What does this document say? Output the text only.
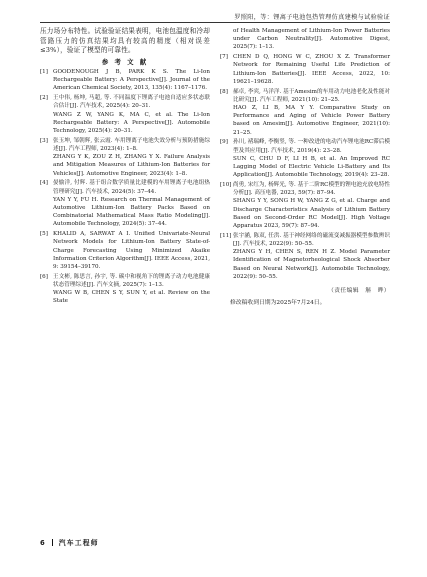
罗照阳，等：锂离子电池包热管理仿真建模与试验验证

压力场分布特性。试验验证结果表明，电池包温度和冷却管路压力的仿真结果均具有较高的精度（相对误差≤3%），验证了模型的可靠性。

参 考 文 献
[1] GOODENOUGH J B, PARK K S. The Li-Ion Rechargeable Battery: A Perspective[J]. Journal of the American Chemical Society, 2013, 135(4): 1167–1176.
[2] 王中伟, 杨坤, 马超, 等. 不同温度下锂离子电池自适应多状态联合估计[J]. 汽车技术, 2025(4): 20–31.
WANG Z W, YANG K, MA C, et al. The Li-Ion Rechargeable Battery: A Perspective[J]. Automobile Technology, 2025(4): 20–31.
[3] 张玉坤, 邹朝辉, 张云霞. 车用锂离子电池失效分析与预防措施综述[J]. 汽车工程师, 2023(4): 1–8.
ZHANG Y K, ZOU Z H, ZHANG Y X. Failure Analysis and Mitigation Measures of Lithium-Ion Batteries for Vehicles[J]. Automotive Engineer, 2023(4): 1–8.
[4] 晏愉洋, 付辉. 基于组合数学质量比建模的车用锂离子电池组热管理研究[J]. 汽车技术, 2024(5): 37–44.
YAN Y Y, FU H. Research on Thermal Management of Automotive Lithium-Ion Battery Packs Based on Combinatorial Mathematical Mass Ratio Modeling[J]. Automobile Technology, 2024(5): 37–44.
[5] KHALID A, SARWAT A I. Unified Univariate-Neural Network Models for Lithium-Ion Battery State-of-Charge Forecasting Using Minimized Akaike Information Criterion Algorithm[J]. IEEE Access, 2021, 9: 39154–39170.
[6] 王文彬, 陈思言, 孙宇, 等. 碳中和视角下的锂离子动力电池健康状态管理综述[J]. 汽车文摘, 2025(7): 1–13.
WANG W B, CHEN S Y, SUN Y, et al. Review on the State
of Health Management of Lithium-Ion Power Batteries under Carbon Neutrality[J]. Automotive Digest, 2025(7): 1–13.
[7] CHEN D Q, HONG W C, ZHOU X Z. Transformer Network for Remaining Useful Life Prediction of Lithium-Ion Batteries[J]. IEEE Access, 2022, 10: 19621–19628.
[8] 郝卓, 李宾, 马洋洋. 基于Amesim的车用动力电池老化及性能对比研究[J]. 汽车工程师, 2021(10): 21–25.
HAO Z, LI B, MA Y Y. Comparative Study on Performance and Aging of Vehicle Power Battery based on Amesim[J]. Automotive Engineer, 2021(10): 21–25.
[9] 孙川, 褚瑞峰, 李衡竖, 等. 一种改进的电动汽车锂电池RC滞后模型及其应用[J]. 汽车技术, 2019(4): 23–28.
SUN C, CHU D F, LI H B, et al. An Improved RC Lagging Model of Electric Vehicle Li-Battery and Its Application[J]. Automobile Technology, 2019(4): 23–28.
[10] 尚勇, 宋红为, 杨辉光, 等. 基于二阶RC模型的锂电池充放电特性分析[J]. 高压电器, 2023, 59(7): 87–94.
SHANG Y Y, SONG H W, YANG Z G, et al. Charge and Discharge Characteristics Analysis of Lithium Battery Based on Second-Order RC Model[J]. High Voltage Apparatus 2023, 59(7): 87–94.
[11] 张宇涵, 陈双, 任洪. 基于神经网络的磁流变减振器模型参数辨识[J]. 汽车技术, 2022(9): 50–55.
ZHANG Y H, CHEN S, REN H Z. Model Parameter Identification of Magnetorheological Shock Absorber Based on Neural Network[J]. Automobile Technology, 2022(9): 50–55.
（责任编辑　斛　晔）
修改稿收到日期为2025年7月24日。
6 汽车工程师
